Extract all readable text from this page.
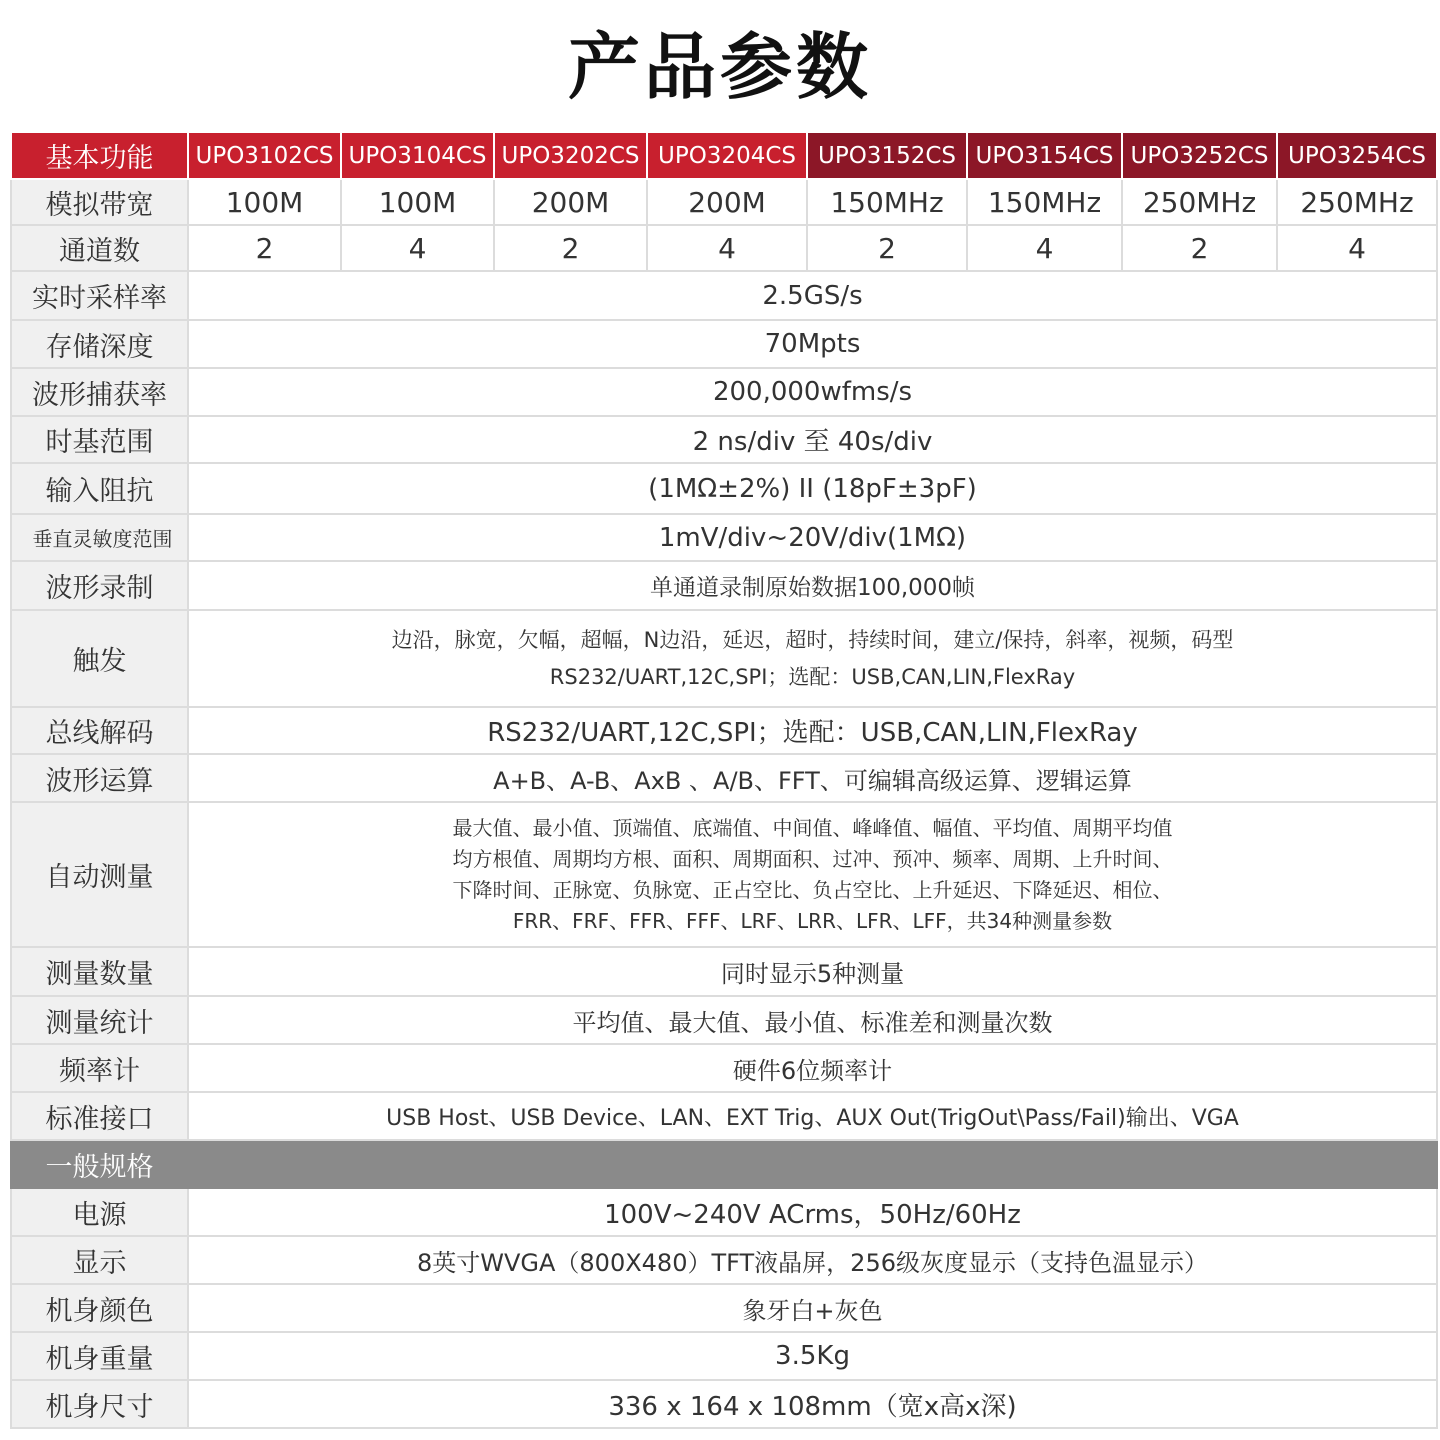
产品参数
基本功能	UPO3102CS	UPO3104CS	UPO3202CS	UPO3204CS	UPO3152CS	UPO3154CS	UPO3252CS	UPO3254CS
模拟带宽	100M	100M	200M	200M	150MHz	150MHz	250MHz	250MHz
通道数	2	4	2	4	2	4	2	4
实时采样率	2.5GS/s							
存储深度	70Mpts							
波形捕获率	200,000wfms/s							
时基范围	2 ns/div 至 40s/div							
输入阻抗	(1MΩ±2%) II (18pF±3pF)							
垂直灵敏度范围	1mV/div~20V/div(1MΩ)							
波形录制	单通道录制原始数据100,000帧							
触发	边沿，脉宽，欠幅，超幅，N边沿，延迟，超时，持续时间，建立/保持，斜率，视频，码型
RS232/UART,12C,SPI；选配：USB,CAN,LIN,FlexRay							

总线解码	RS232/UART,12C,SPI；选配：USB,CAN,LIN,FlexRay							
波形运算	A+B、A-B、AxB 、A/B、FFT、可编辑高级运算、逻辑运算							
自动测量	最大值、最小值、顶端值、底端值、中间值、峰峰值、幅值、平均值、周期平均值
均方根值、周期均方根、面积、周期面积、过冲、预冲、频率、周期、上升时间、
下降时间、正脉宽、负脉宽、正占空比、负占空比、上升延迟、下降延迟、相位、
FRR、FRF、FFR、FFF、LRF、LRR、LFR、LFF，共34种测量参数							

测量数量	同时显示5种测量							
测量统计	平均值、最大值、最小值、标准差和测量次数							
频率计	硬件6位频率计							
标准接口	USB Host、USB Device、LAN、EXT Trig、AUX Out(TrigOut\Pass/Fail)输出、VGA							
一般规格								
电源	100V~240V ACrms，50Hz/60Hz							
显示	8英寸WVGA（800X480）TFT液晶屏，256级灰度显示（支持色温显示）							
机身颜色	象牙白+灰色							
机身重量	3.5Kg							
机身尺寸	336 x 164 x 108mm（宽x高x深)							
